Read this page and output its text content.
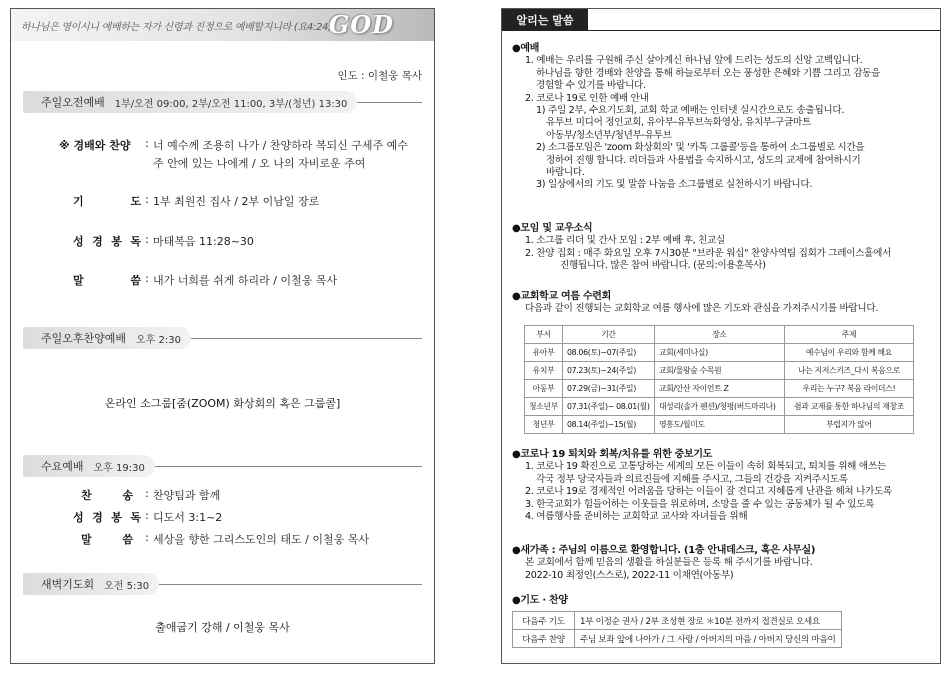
하나님은 영이시니 예배하는 자가 신령과 진정으로 예배할지니라 (요4:24)
GOD
인도 : 이철웅 목사
주일오전예배 1부/오전 09:00, 2부/오전 11:00, 3부/(청년) 13:30
※ 경배와 찬양	: 너 예수께 조용히 나가 / 찬양하라 복되신 구세주 예수
주 안에 있는 나에게 / 오 나의 자비로운 주여
기	도 : 1부 최원진 집사 / 2부 이남일 장로
성 경 봉 독 : 마태복음 11:28~30
말	씀 : 내가 너희를 쉬게 하리라 / 이철웅 목사
주일오후찬양예배 오후 2:30
온라인 소그룹[줌(ZOOM) 화상회의 혹은 그룹콜]
수요예배 오후 19:30
찬	송	: 찬양팀과 함께
성 경 봉 독 : 디도서 3:1~2
말	씀	: 세상을 향한 그리스도인의 태도 / 이철웅 목사
새벽기도회 오전 5:30
출애굽기 강해 / 이철웅 목사
알리는 말씀

●예배

1. 예배는 우리를 구원해 주신 살아계신 하나님 앞에 드리는 성도의 신앙 고백입니다.

하나님을 향한 경배와 찬양을 통해 하늘로부터 오는 풍성한 은혜와 기쁨 그리고 감동을

경험할 수 있기를 바랍니다.

2. 코로나 19로 인한 예배 안내

1) 주일 2부, 수요기도회, 교회 학교 예배는 인터넷 실시간으로도 송출됩니다.

유투브 미디어 정인교회, 유아부-유투브녹화영상, 유치부-구글마트

아동부/청소년부/청년부-유투브

2) 소그룹모임은 'zoom 화상회의' 및 '카톡 그룹콜'등을 통하여 소그룹별로 시간을

정하여 진행 합니다. 리더들과 사용법을 숙지하시고, 성도의 교제에 참여하시기

바랍니다.

3) 일상에서의 기도 및 말씀 나눔을 소그룹별로 실천하시기 바랍니다.

●모임 및 교우소식

1. 소그룹 리더 및 간사 모임 : 2부 예배 후, 친교실

2. 찬양 집회 : 매주 화요일 오후 7시30분 "브라운 워십" 찬양사역팀 집회가 그레이스홀에서

진행됩니다. 많은 참여 바랍니다. (문의:이용훈목사)

●교회학교 여름 수련회

다음과 같이 진행되는 교회학교 여름 행사에 많은 기도와 관심을 가져주시기를 바랍니다.

부서	기간	장소	주제
유아부	08.06(토)~07(주일)	교회(세미나실)	예수님이 우리와 함께 해요
유치부	07.23(토)~24(주일)	교회/물왕숲 수목원	나는 지저스키즈_다시 복음으로
아동부	07.29(금)~31(주일)	교회/안산 자이언트 Z	우리는 누구? 복음 라이더스!
청소년부	07.31(주일)~ 08.01(월)	대성리(솔가 펜션)/청평(버드마리나)	쉼과 교제를 통한 하나님의 재창조
청년부	08.14(주일)~15(월)	영흥도/월미도	부럽지가 않어

●코로나 19 퇴치와 회복/치유를 위한 중보기도

1. 코로나 19 확진으로 고통당하는 세계의 모든 이들이 속히 회복되고, 퇴치를 위해 애쓰는

각국 정부 당국자들과 의료진들에 지혜를 주시고, 그들의 건강을 지켜주시도록

2. 코로나 19로 경제적인 어려움을 당하는 이들이 잘 견디고 지혜롭게 난관을 헤쳐 나가도록

3. 한국교회가 힘들어하는 이웃들을 위로하며, 소망을 줄 수 있는 공동체가 될 수 있도록

4. 여름행사를 준비하는 교회학교 교사와 자녀들을 위해

●새가족 : 주님의 이름으로 환영합니다. (1층 안내데스크, 혹은 사무실)

본 교회에서 함께 믿음의 생활을 하실분들은 등록 해 주시기를 바랍니다.

2022-10 최정인(스스로), 2022-11 이채연(아동부)

●기도 · 찬양

다음주 기도	1부 이정순 권사 / 2부 조성현 장로 ＊10분 전까지 접견실로 오세요
다음주 찬양	주님 보좌 앞에 나아가 / 그 사랑 / 아버지의 마음 / 아버지 당신의 마음이
